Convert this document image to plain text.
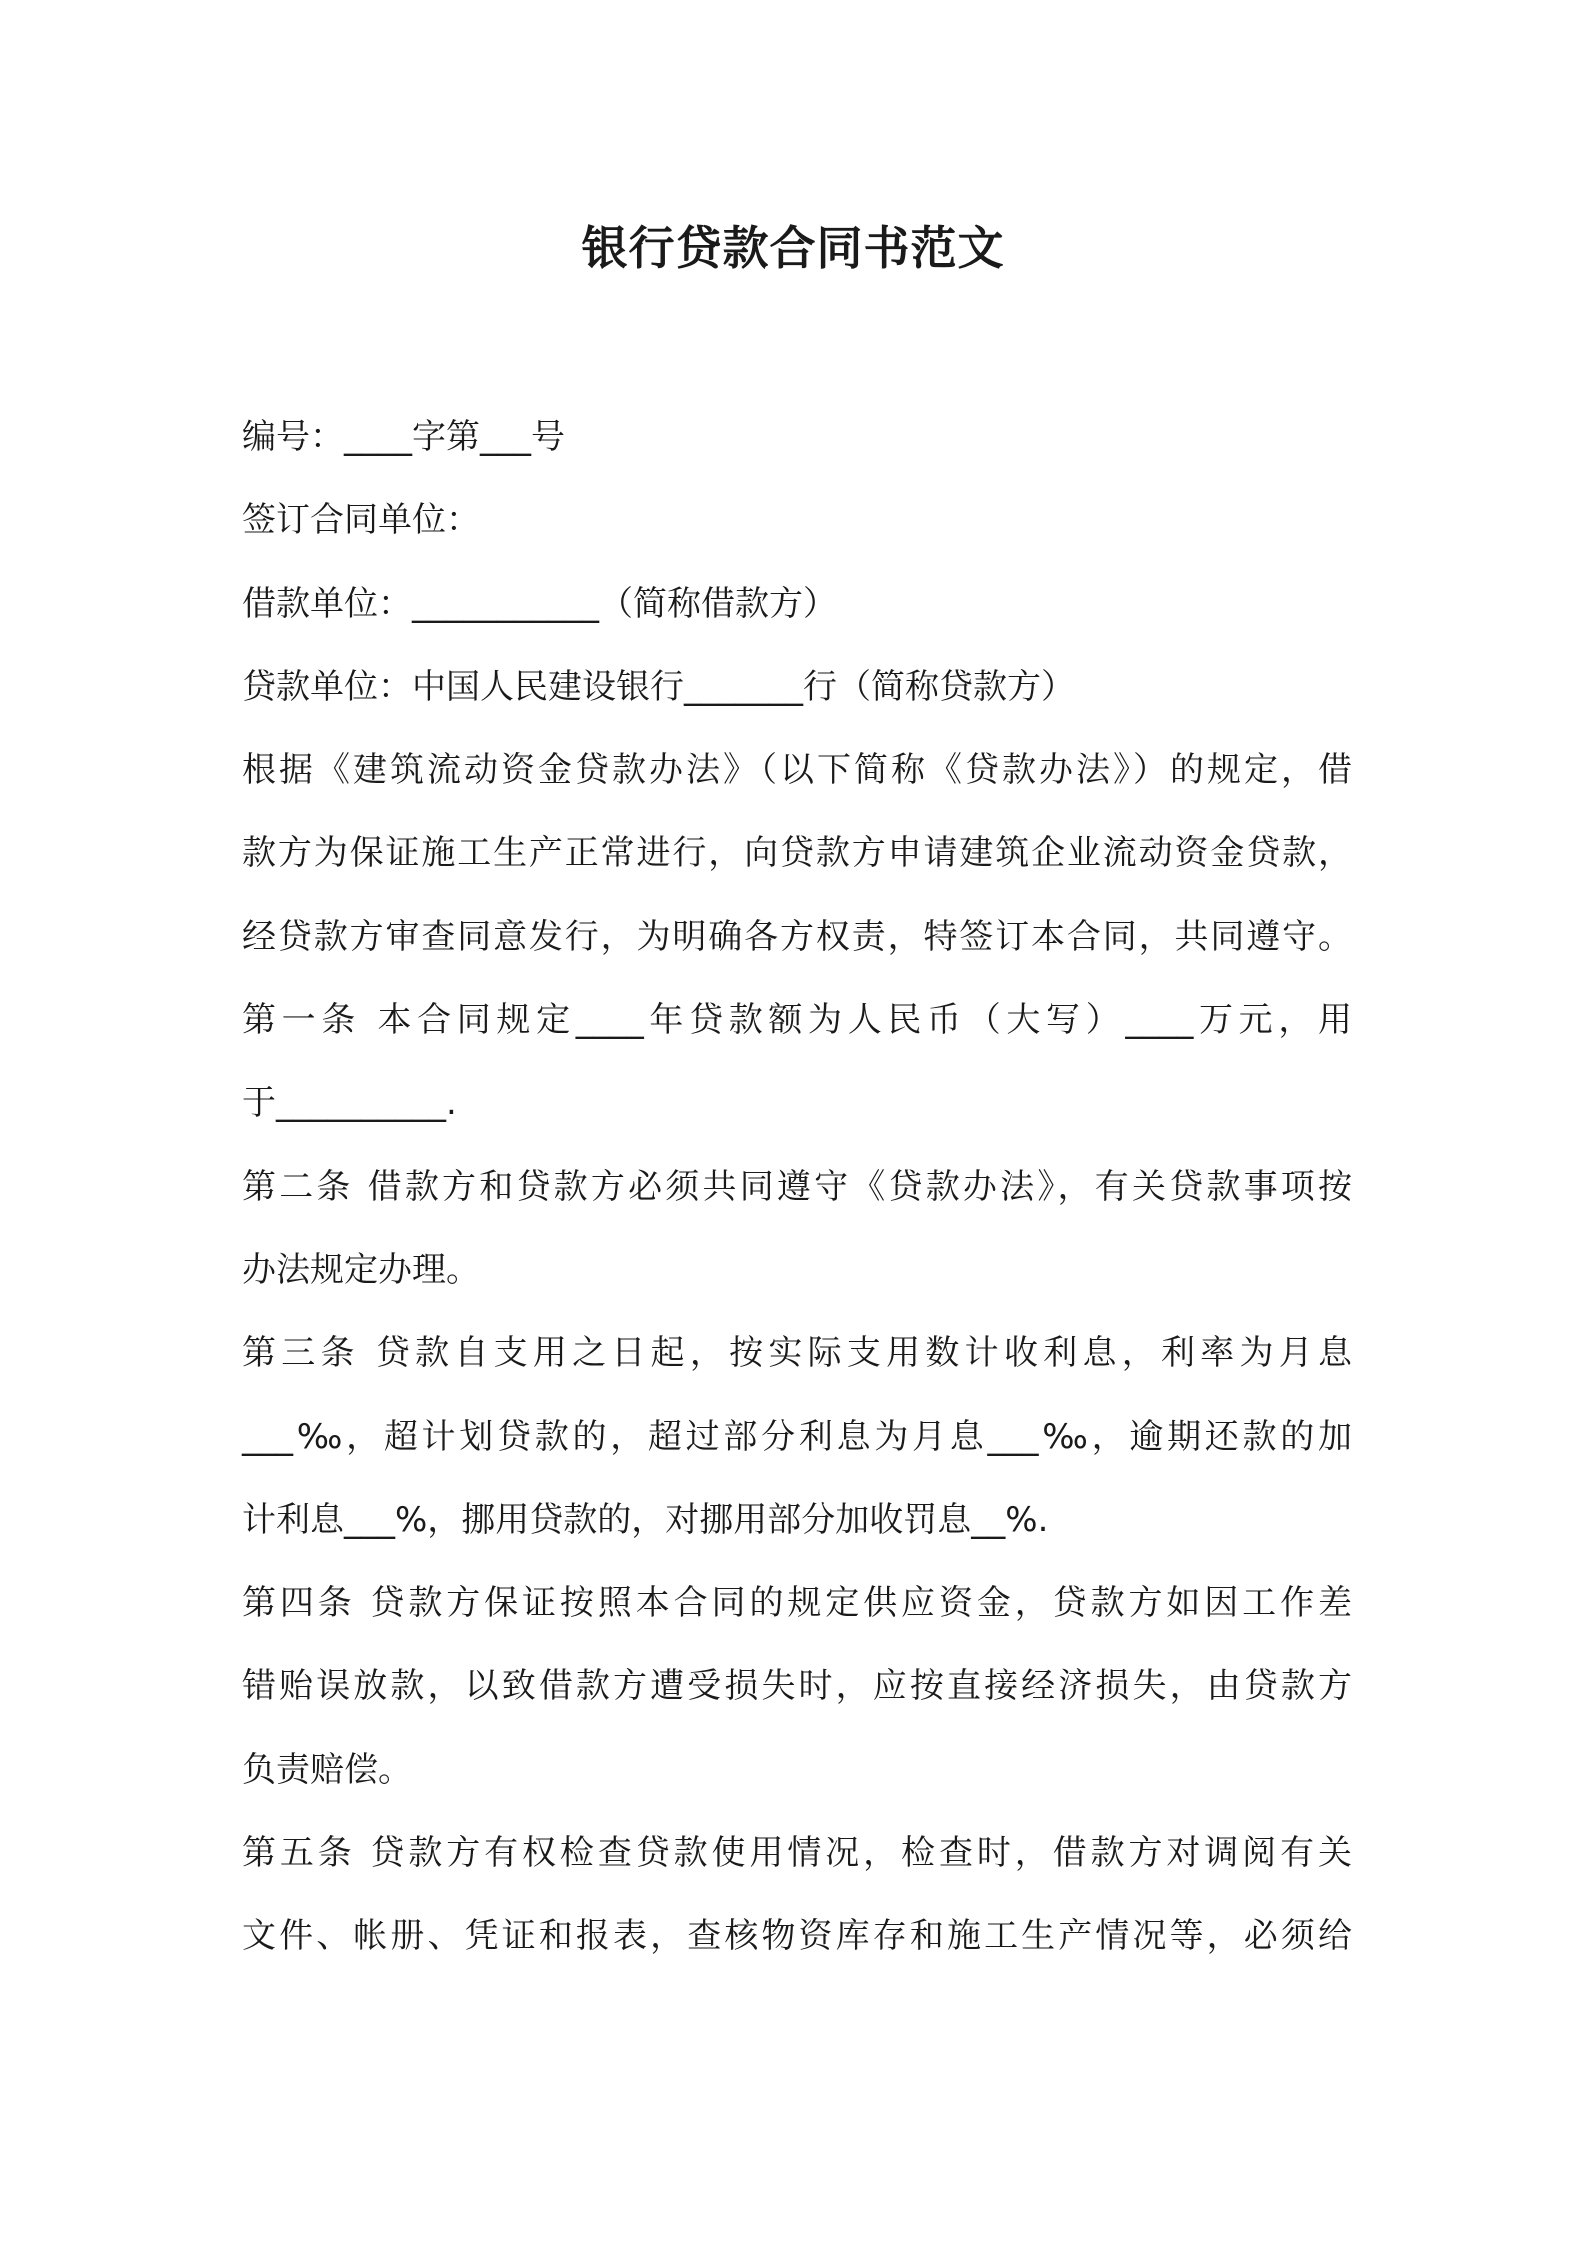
银行贷款合同书范文
编号：____字第___号
签订合同单位：
借款单位：___________（简称借款方）
贷款单位：中国人民建设银行_______行（简称贷款方）
根据《建筑流动资金贷款办法》（以下简称《贷款办法》）的规定，借
款方为保证施工生产正常进行，向贷款方申请建筑企业流动资金贷款，
经贷款方审查同意发行，为明确各方权责，特签订本合同，共同遵守。
第一条 本合同规定____年贷款额为人民币（大写）____万元，用
于__________.
第二条 借款方和贷款方必须共同遵守《贷款办法》，有关贷款事项按
办法规定办理。
第三条 贷款自支用之日起，按实际支用数计收利息，利率为月息
___‰，超计划贷款的，超过部分利息为月息___‰，逾期还款的加
计利息___%，挪用贷款的，对挪用部分加收罚息__%.
第四条 贷款方保证按照本合同的规定供应资金，贷款方如因工作差
错贻误放款，以致借款方遭受损失时，应按直接经济损失，由贷款方
负责赔偿。
第五条 贷款方有权检查贷款使用情况，检查时，借款方对调阅有关
文件、帐册、凭证和报表，查核物资库存和施工生产情况等，必须给
